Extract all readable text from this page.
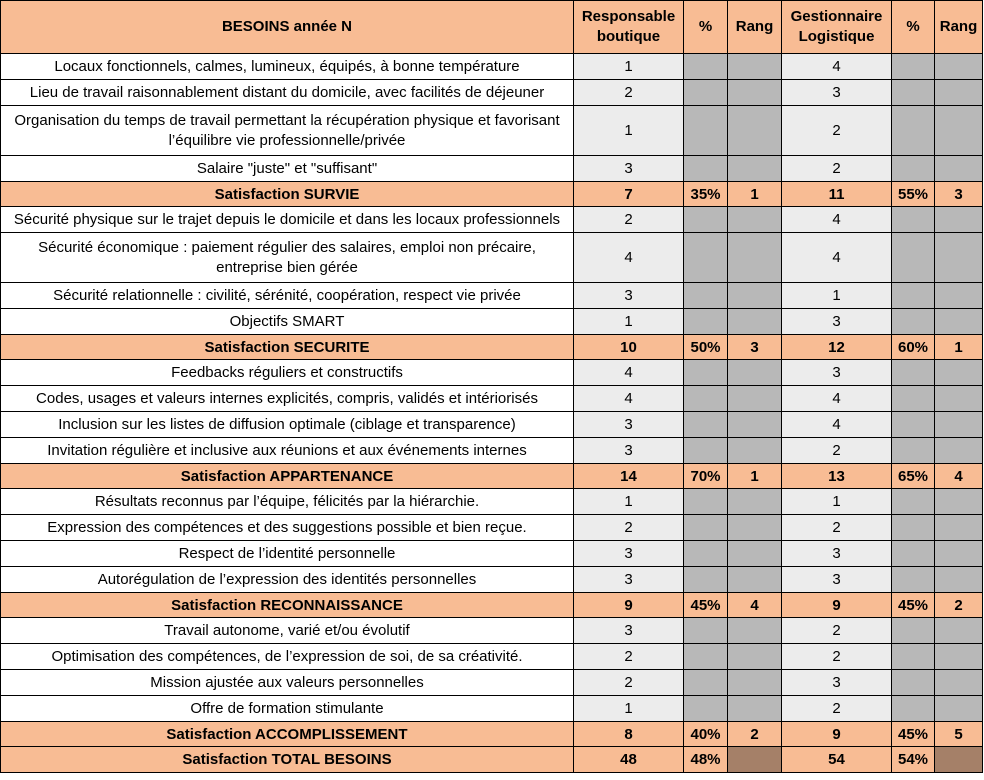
BESOINS année N	Responsable boutique	%	Rang	Gestionnaire Logistique	%	Rang
Locaux fonctionnels, calmes, lumineux, équipés, à bonne température	1			4		
Lieu de travail raisonnablement distant du domicile, avec facilités de déjeuner	2			3		
Organisation du temps de travail permettant la récupération physique et favorisant l’équilibre vie professionnelle/privée	1			2		
Salaire "juste" et "suffisant"	3			2		
Satisfaction SURVIE	7	35%	1	11	55%	3
Sécurité physique sur le trajet depuis le domicile et dans les locaux professionnels	2			4		
Sécurité économique : paiement régulier des salaires, emploi non précaire, entreprise bien gérée	4			4		
Sécurité relationnelle : civilité, sérénité, coopération, respect vie privée	3			1		
Objectifs SMART	1			3		
Satisfaction SECURITE	10	50%	3	12	60%	1
Feedbacks réguliers et constructifs	4			3		
Codes, usages et valeurs internes explicités, compris, validés et intériorisés	4			4		
Inclusion sur les listes de diffusion optimale (ciblage et transparence)	3			4		
Invitation régulière et inclusive aux réunions et aux événements internes	3			2		
Satisfaction APPARTENANCE	14	70%	1	13	65%	4
Résultats reconnus par l’équipe, félicités par la hiérarchie.	1			1		
Expression des compétences et des suggestions possible et bien reçue.	2			2		
Respect de l’identité personnelle	3			3		
Autorégulation de l’expression des identités personnelles	3			3		
Satisfaction RECONNAISSANCE	9	45%	4	9	45%	2
Travail autonome, varié et/ou évolutif	3			2		
Optimisation des compétences, de l’expression de soi, de sa créativité.	2			2		
Mission ajustée aux valeurs personnelles	2			3		
Offre de formation stimulante	1			2		
Satisfaction ACCOMPLISSEMENT	8	40%	2	9	45%	5
Satisfaction TOTAL BESOINS	48	48%		54	54%	
